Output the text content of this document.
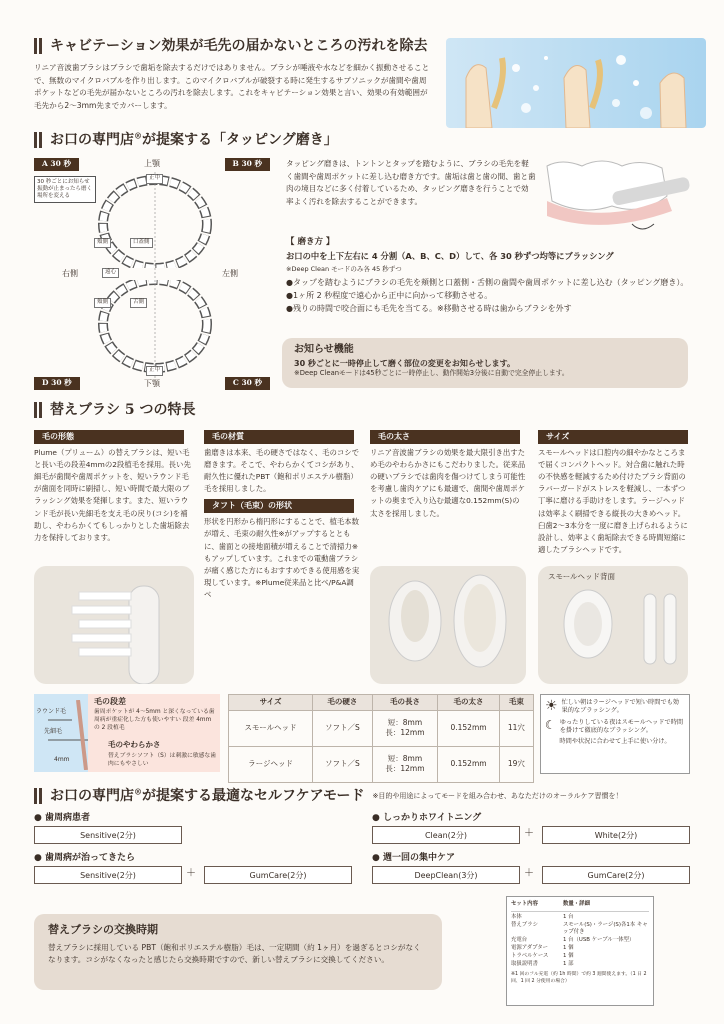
キャビテーション効果が毛先の届かないところの汚れを除去
リニア音波歯ブラシはブラシで歯垢を除去するだけではありません。ブラシが唾液や水などを細かく振動させることで、無数のマイクロバブルを作り出します。このマイクロバブルが破裂する時に発生するサブソニックが歯間や歯周ポケットなどの毛先が届かないところの汚れを除去します。これをキャビテーション効果と言い、効果の有効範囲が毛先から2〜3mm先までカバーします。
お口の専門店®が提案する「タッピング磨き」
A 30 秒	B 30 秒
D 30 秒	C 30 秒
30 秒ごとにお知らせ 振動が止まったら磨く場所を変える
上顎
下顎
右側	左側
正中
正中
頬側	口蓋側
遠心
頬側	舌側
タッピング磨きは、トントンとタップを踏むように、ブラシの毛先を軽く歯間や歯周ポケットに差し込む磨き方です。歯垢は歯と歯の間、歯と歯肉の境目などに多く付着しているため、タッピング磨きを行うことで効率よく汚れを除去することができます。
【 磨き方 】
お口の中を上下左右に 4 分割（A、B、C、D）して、各 30 秒ずつ均等にブラッシング
※Deep Clean モードのみ各 45 秒ずつ
●タップを踏むようにブラシの毛先を頬側と口蓋側・舌側の歯間や歯周ポケットに差し込む（タッピング磨き）。
●1ヶ所 2 秒程度で遠心から正中に向かって移動させる。
●残りの時間で咬合面にも毛先を当てる。※移動させる時は歯からブラシを外す
お知らせ機能
30 秒ごとに一時停止して磨く部位の変更をお知らせします。
※Deep Cleanモードは45秒ごとに一時停止し、動作開始3分後に自動で完全停止します。
替えブラシ 5 つの特長
毛の形態
Plume（プリューム）の替えブラシは、短い毛と長い毛の段差4mmの2段植毛を採用。長い先細毛が歯間や歯周ポケットを、短いラウンド毛が歯面を同時に刷掃し、短い時間で最大限のブラッシング効果を発揮します。また、短いラウンド毛が長い先細毛を支え毛の戻り(コシ)を補助し、やわらかくてもしっかりとした歯垢除去力を保持しております。
毛の材質
歯磨きは本来、毛の硬さではなく、毛のコシで磨きます。そこで、やわらかくてコシがあり、耐久性に優れたPBT（飽和ポリエステル樹脂）毛を採用しました。
タフト（毛束）の形状
形状を円形から楕円形にすることで、植毛本数が増え、毛束の耐久性※がアップするとともに、歯面との接地面積が増えることで清掃力※もアップしています。これまでの電動歯ブラシが痛く感じた方にもおすすめできる使用感を実現しています。※Plume従来品と比べ/P&A調べ
毛の太さ
リニア音波歯ブラシの効果を最大限引き出すため毛のやわらかさにもこだわりました。従来品の硬いブラシでは歯肉を傷つけてしまう可能性を考慮し歯肉ケアにも最適で、歯間や歯周ポケットの奥まで入り込む最適な0.152mm(S)の太さを採用しました。
サイズ
スモールヘッドは口腔内の細やかなところまで届くコンパクトヘッド。対合歯に触れた時の不快感を軽減するため付けたブラシ背面のラバーガードがストレスを軽減し、一本ずつ丁寧に磨ける手助けをします。ラージヘッドは効率よく刷掃できる縦長の大きめヘッド。臼歯2〜3本分を一度に磨き上げられるように設計し、効率よく歯垢除去できる時間短縮に適したブラシヘッドです。
スモールヘッド背面
ラウンド毛
先細毛
4mm
毛の段差
歯周ポケットが 4〜5mm と深くなっている歯周病が重症化した方も使いやすい 段差 4mm の 2 段植毛
毛のやわらかさ
替えブラシソフト（S）は刺激に敏感な歯肉にもやさしい
サイズ	毛の硬さ	毛の長さ	毛の太さ	毛束
スモールヘッド	ソフト／S	短：8mm
長：12mm	0.152mm	11穴
ラージヘッド	ソフト／S	短：8mm
長：12mm	0.152mm	19穴
☀ 忙しい朝はラージヘッドで短い時間でも効果的なブラッシング。
☾ ゆったりしている夜はスモールヘッドで時間を掛けて徹底的なブラッシング。
時間や状況に合わせて上手に使い分け。
お口の専門店®が提案する最適なセルフケアモード ※目的や用途によってモードを組み合わせ、あなただけのオーラルケア習慣を！
● 歯周病患者
Sensitive(2分)
● しっかりホワイトニング
Clean(2分)	＋	White(2分)
● 歯周病が治ってきたら
Sensitive(2分)	＋	GumCare(2分)
● 週一回の集中ケア
DeepClean(3分)	＋	GumCare(2分)
替えブラシの交換時期
替えブラシに採用している PBT（飽和ポリエステル樹脂）毛は、一定期間（約 1ヶ月）を過ぎるとコシがなくなります。コシがなくなったと感じたら交換時期ですので、新しい替えブラシに交換してください。
セット内容	数量・詳細
本体	1 台
替えブラシ	スモール(S)・ラージ(S)各1本 キャップ付き
充電台	1 台（USB ケーブル一体型）
電源アダプター	1 個
トラベルケース	1 個
取扱説明書	1 部
※1 回のフル充電（約 1h 時間）で約 3 週間使えます。（1 日 2 回、1 回 2 分使用の場合）
